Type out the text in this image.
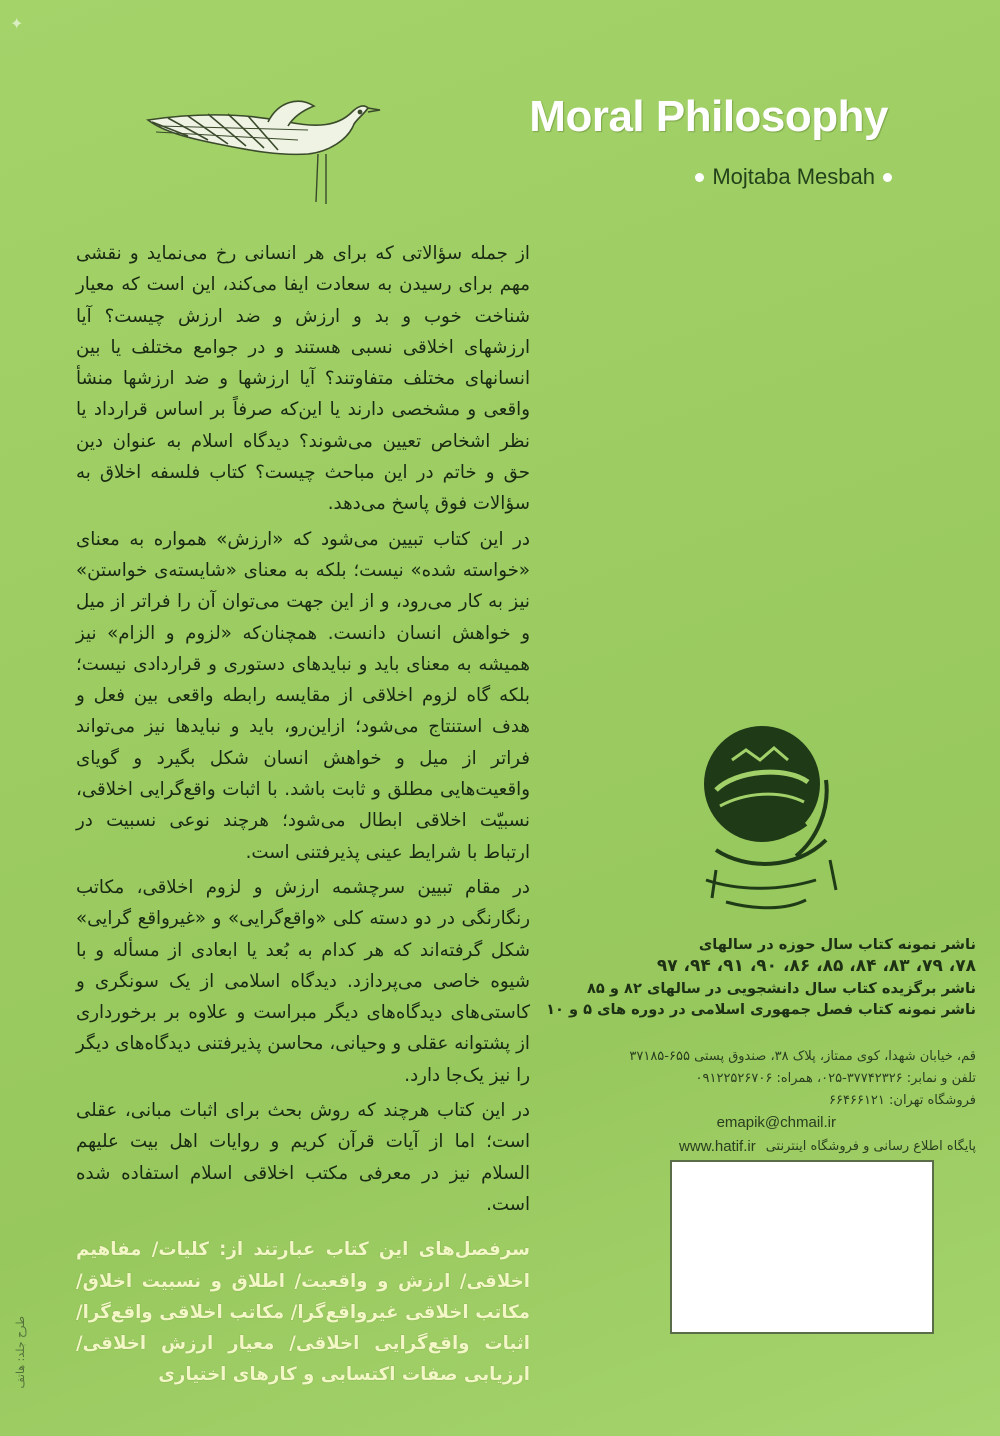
✦
Moral Philosophy
Mojtaba Mesbah

از جمله سؤالاتی که برای هر انسانی رخ می‌نماید و نقشی مهم برای رسیدن به سعادت ایفا می‌کند، این است که معیار شناخت خوب و بد و ارزش و ضد ارزش چیست؟ آیا ارزشهای اخلاقی نسبی هستند و در جوامع مختلف یا بین انسانهای مختلف متفاوتند؟ آیا ارزشها و ضد ارزشها منشأ واقعی و مشخصی دارند یا این‌که صرفاً بر اساس قرارداد یا نظر اشخاص تعیین می‌شوند؟ دیدگاه اسلام به عنوان دین حق و خاتم در این مباحث چیست؟ کتاب فلسفه اخلاق به سؤالات فوق پاسخ می‌دهد.

در این کتاب تبیین می‌شود که «ارزش» همواره به معنای «خواسته شده» نیست؛ بلکه به معنای «شایسته‌ی خواستن» نیز به کار می‌رود، و از این جهت می‌توان آن را فراتر از میل و خواهش انسان دانست. همچنان‌که «لزوم و الزام» نیز همیشه به معنای باید و نبایدهای دستوری و قراردادی نیست؛ بلکه گاه لزوم اخلاقی از مقایسه رابطه واقعی بین فعل و هدف استنتاج می‌شود؛ ازاین‌رو، باید و نبایدها نیز می‌تواند فراتر از میل و خواهش انسان شکل بگیرد و گویای واقعیت‌هایی مطلق و ثابت باشد. با اثبات واقع‌گرایی اخلاقی، نسبیّت اخلاقی ابطال می‌شود؛ هرچند نوعی نسبیت در ارتباط با شرایط عینی پذیرفتنی است.

در مقام تبیین سرچشمه ارزش و لزوم اخلاقی، مکاتب رنگارنگی در دو دسته کلی «واقع‌گرایی» و «غیرواقع گرایی» شکل گرفته‌اند که هر کدام به بُعد یا ابعادی از مسأله و با شیوه خاصی می‌پردازد. دیدگاه اسلامی از یک سونگری و کاستی‌های دیدگاه‌های دیگر مبراست و علاوه بر برخورداری از پشتوانه عقلی و وحیانی، محاسن پذیرفتنی دیدگاه‌های دیگر را نیز یک‌جا دارد.

در این کتاب هرچند که روش بحث برای اثبات مبانی، عقلی است؛ اما از آیات قرآن کریم و روایات اهل بیت علیهم السلام نیز در معرفی مکتب اخلاقی اسلام استفاده شده است.

سرفصل‌های این کتاب عبارتند از: کلیات/ مفاهیم اخلاقی/ ارزش و واقعیت/ اطلاق و نسبیت اخلاق/ مکاتب اخلاقی غیرواقع‌گرا/ مکاتب اخلاقی واقع‌گرا/ اثبات واقع‌گرایی اخلاقی/ معیار ارزش اخلاقی/ ارزیابی صفات اکتسابی و کارهای اختیاری

ناشر نمونه کتاب سال حوزه در سالهای
۷۸، ۷۹، ۸۳، ۸۴، ۸۵، ۸۶، ۹۰، ۹۱، ۹۴، ۹۷
ناشر برگزیده کتاب سال دانشجویی در سالهای ۸۲ و ۸۵
ناشر نمونه کتاب فصل جمهوری اسلامی در دوره های ۵ و ۱۰
قم، خیابان شهدا، کوی ممتاز، پلاک ۳۸، صندوق پستی ۶۵۵-۳۷۱۸۵
تلفن و نمابر: ۳۷۷۴۲۳۲۶-۰۲۵، همراه: ۰۹۱۲۲۵۲۶۷۰۶
فروشگاه تهران: ۶۶۴۶۶۱۲۱
emapik@chmail.ir
www.hatif.ir پایگاه اطلاع رسانی و فروشگاه اینترنتی
طرح جلد: هاتف
